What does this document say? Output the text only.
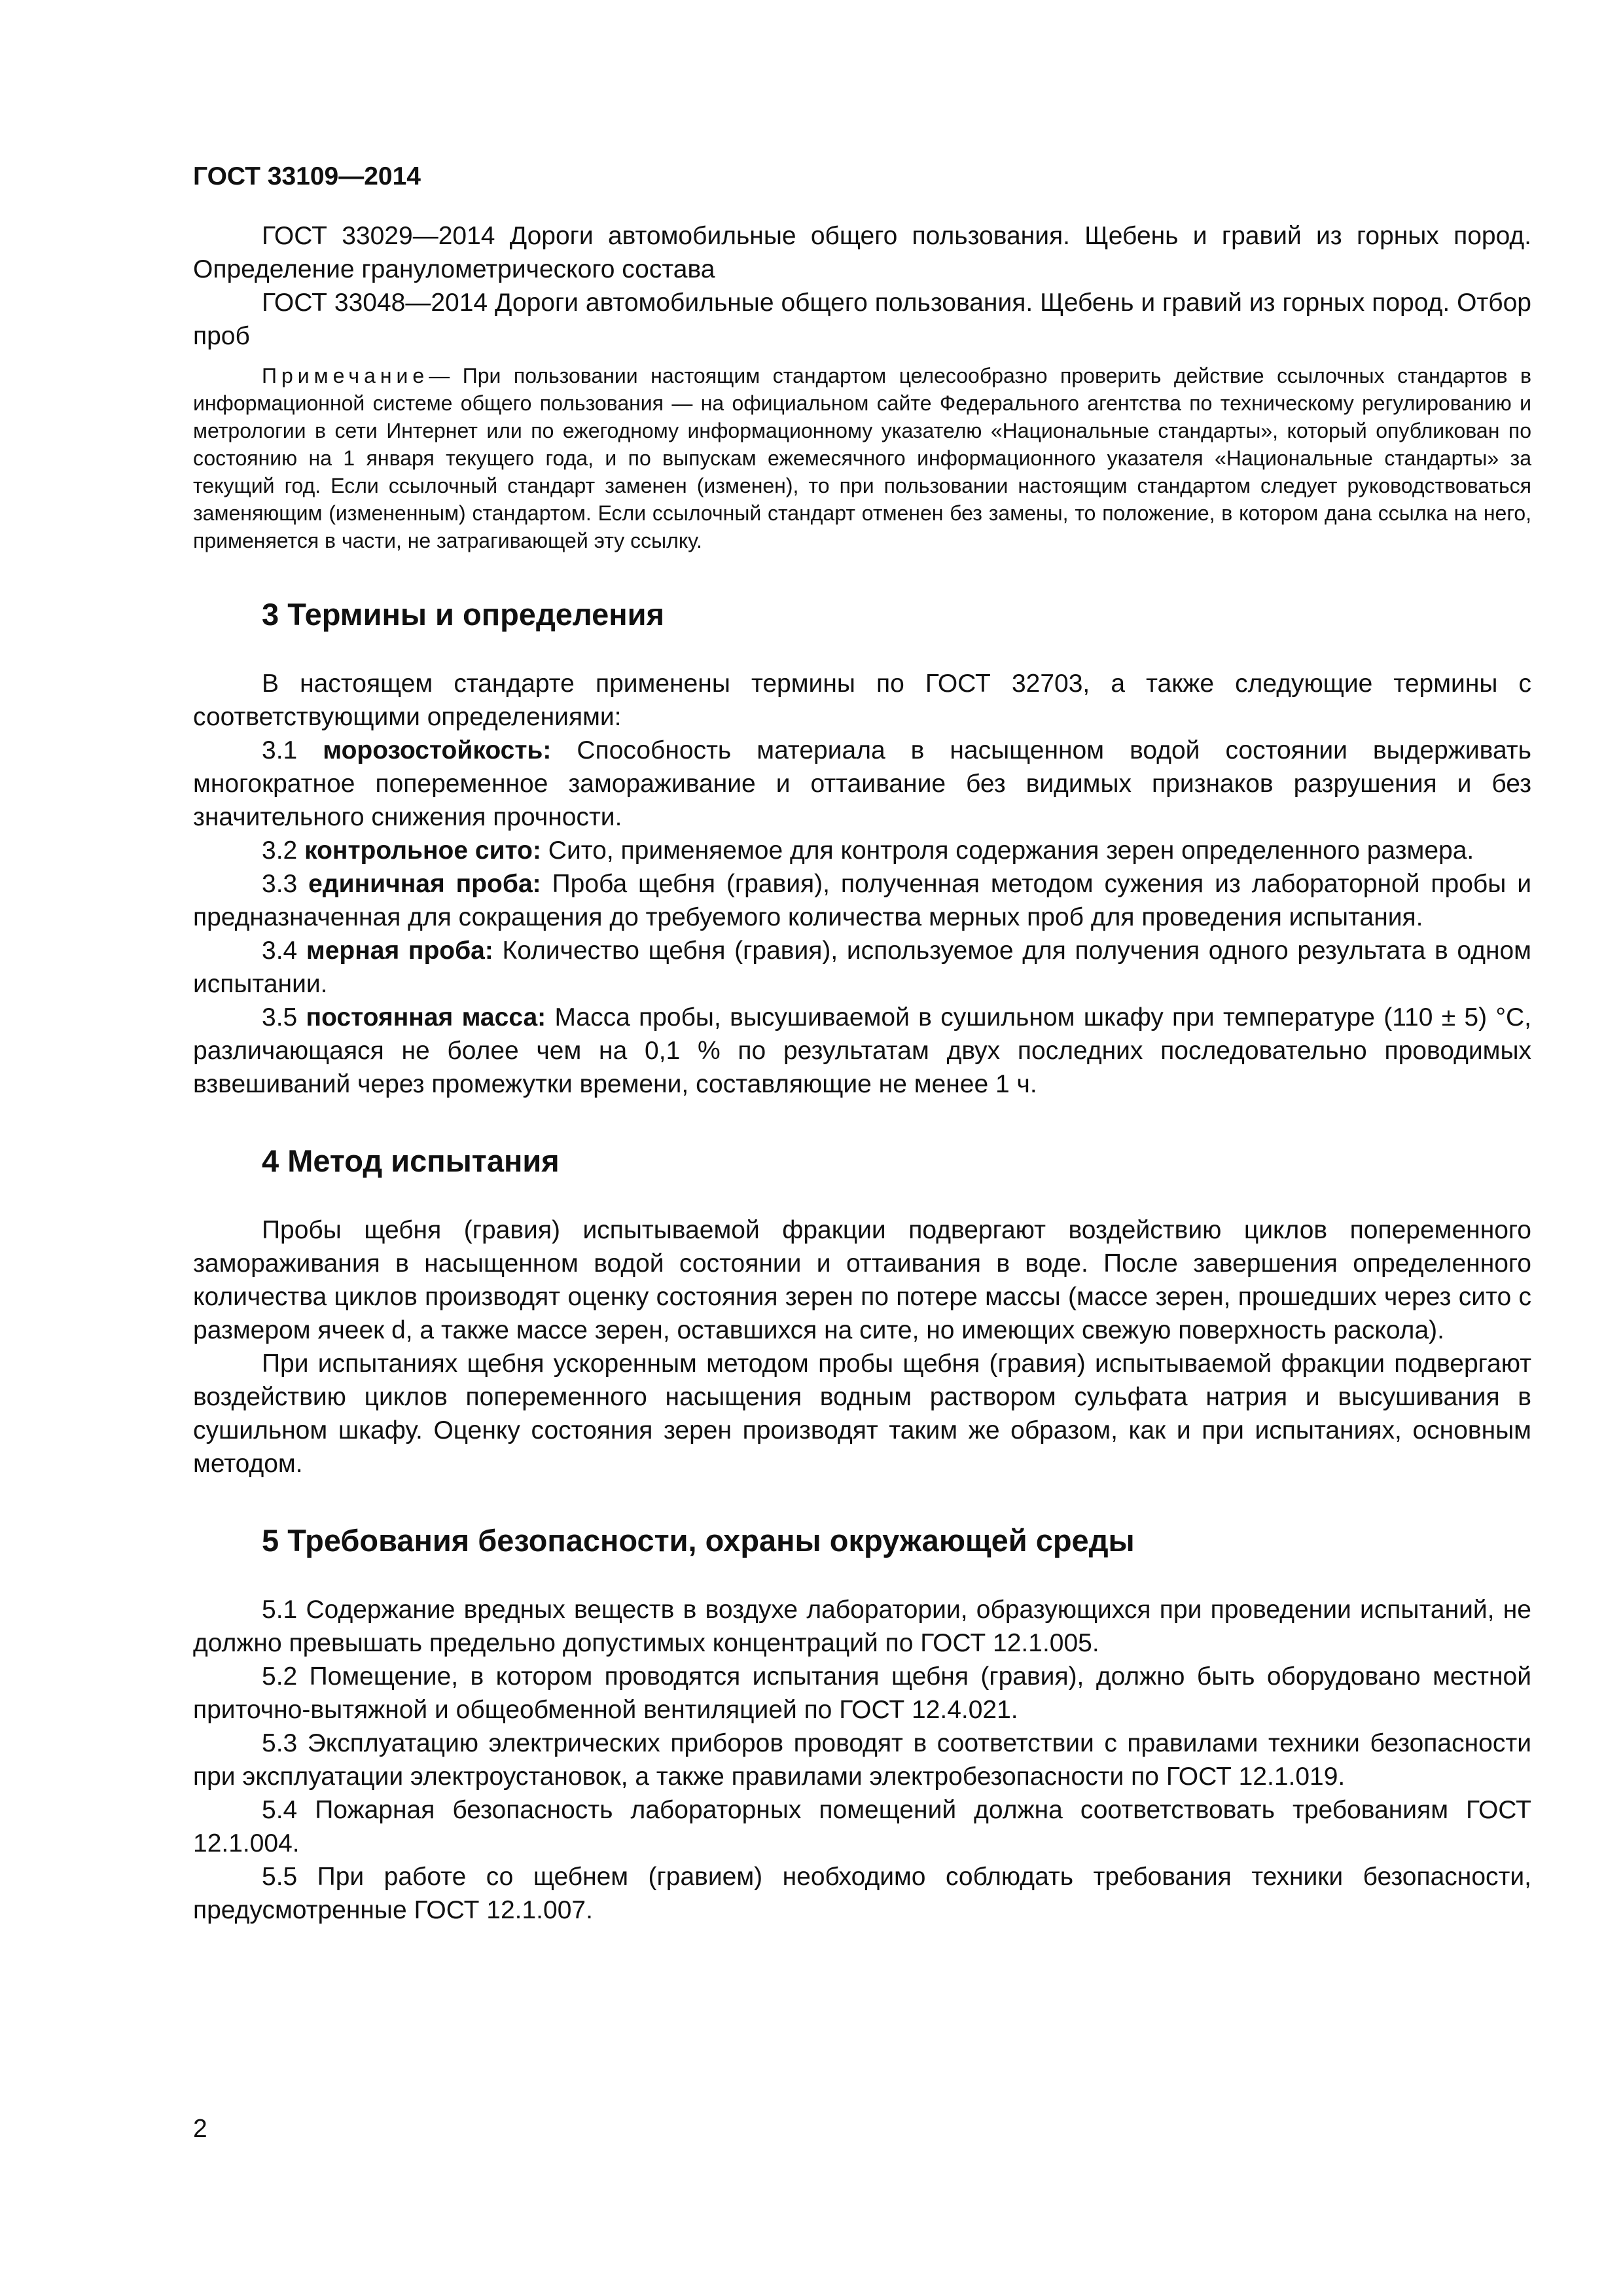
ГОСТ 33109—2014

ГОСТ 33029—2014 Дороги автомобильные общего пользования. Щебень и гравий из горных пород. Определение гранулометрического состава

ГОСТ 33048—2014 Дороги автомобильные общего пользования. Щебень и гравий из горных пород. Отбор проб

Примечание— При пользовании настоящим стандартом целесообразно проверить действие ссылочных стандартов в информационной системе общего пользования — на официальном сайте Федерального агентства по техническому регулированию и метрологии в сети Интернет или по ежегодному информационному указателю «Национальные стандарты», который опубликован по состоянию на 1 января текущего года, и по выпускам ежемесячного информационного указателя «Национальные стандарты» за текущий год. Если ссылочный стандарт заменен (изменен), то при пользовании настоящим стандартом следует руководствоваться заменяющим (измененным) стандартом. Если ссылочный стандарт отменен без замены, то положение, в котором дана ссылка на него, применяется в части, не затрагивающей эту ссылку.
3 Термины и определения

В настоящем стандарте применены термины по ГОСТ 32703, а также следующие термины с соответствующими определениями:

3.1 морозостойкость: Способность материала в насыщенном водой состоянии выдерживать многократное попеременное замораживание и оттаивание без видимых признаков разрушения и без значительного снижения прочности.

3.2 контрольное сито: Сито, применяемое для контроля содержания зерен определенного размера.

3.3 единичная проба: Проба щебня (гравия), полученная методом сужения из лабораторной пробы и предназначенная для сокращения до требуемого количества мерных проб для проведения испытания.

3.4 мерная проба: Количество щебня (гравия), используемое для получения одного результата в одном испытании.

3.5 постоянная масса: Масса пробы, высушиваемой в сушильном шкафу при температуре (110 ± 5) °С, различающаяся не более чем на 0,1 % по результатам двух последних последовательно проводимых взвешиваний через промежутки времени, составляющие не менее 1 ч.

4 Метод испытания

Пробы щебня (гравия) испытываемой фракции подвергают воздействию циклов попеременного замораживания в насыщенном водой состоянии и оттаивания в воде. После завершения определенного количества циклов производят оценку состояния зерен по потере массы (массе зерен, прошедших через сито с размером ячеек d, а также массе зерен, оставшихся на сите, но имеющих свежую поверхность раскола).

При испытаниях щебня ускоренным методом пробы щебня (гравия) испытываемой фракции подвергают воздействию циклов попеременного насыщения водным раствором сульфата натрия и высушивания в сушильном шкафу. Оценку состояния зерен производят таким же образом, как и при испытаниях, основным методом.

5 Требования безопасности, охраны окружающей среды

5.1 Содержание вредных веществ в воздухе лаборатории, образующихся при проведении испытаний, не должно превышать предельно допустимых концентраций по ГОСТ 12.1.005.

5.2 Помещение, в котором проводятся испытания щебня (гравия), должно быть оборудовано местной приточно-вытяжной и общеобменной вентиляцией по ГОСТ 12.4.021.

5.3 Эксплуатацию электрических приборов проводят в соответствии с правилами техники безопасности при эксплуатации электроустановок, а также правилами электробезопасности по ГОСТ 12.1.019.

5.4 Пожарная безопасность лабораторных помещений должна соответствовать требованиям ГОСТ 12.1.004.

5.5 При работе со щебнем (гравием) необходимо соблюдать требования техники безопасности, предусмотренные ГОСТ 12.1.007.

2
